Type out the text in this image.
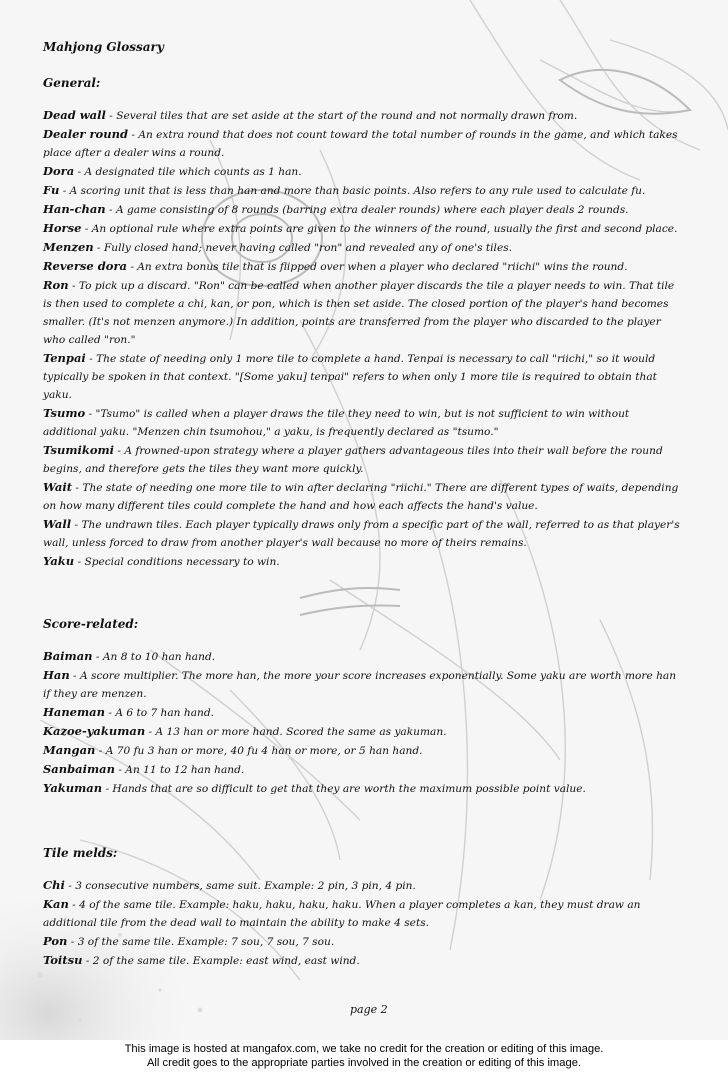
Mahjong Glossary
General:

Dead wall - Several tiles that are set aside at the start of the round and not normally drawn from.

Dealer round - An extra round that does not count toward the total number of rounds in the game, and which takes place after a dealer wins a round.

Dora - A designated tile which counts as 1 han.

Fu - A scoring unit that is less than han and more than basic points. Also refers to any rule used to calculate fu.

Han-chan - A game consisting of 8 rounds (barring extra dealer rounds) where each player deals 2 rounds.

Horse - An optional rule where extra points are given to the winners of the round, usually the first and second place.

Menzen - Fully closed hand; never having called "ron" and revealed any of one's tiles.

Reverse dora - An extra bonus tile that is flipped over when a player who declared "riichi" wins the round.

Ron - To pick up a discard. "Ron" can be called when another player discards the tile a player needs to win. That tile is then used to complete a chi, kan, or pon, which is then set aside. The closed portion of the player's hand becomes smaller. (It's not menzen anymore.) In addition, points are transferred from the player who discarded to the player who called "ron."

Tenpai - The state of needing only 1 more tile to complete a hand. Tenpai is necessary to call "riichi," so it would typically be spoken in that context. "[Some yaku] tenpai" refers to when only 1 more tile is required to obtain that yaku.

Tsumo - "Tsumo" is called when a player draws the tile they need to win, but is not sufficient to win without additional yaku. "Menzen chin tsumohou," a yaku, is frequently declared as "tsumo."

Tsumikomi - A frowned-upon strategy where a player gathers advantageous tiles into their wall before the round begins, and therefore gets the tiles they want more quickly.

Wait - The state of needing one more tile to win after declaring "riichi." There are different types of waits, depending on how many different tiles could complete the hand and how each affects the hand's value.

Wall - The undrawn tiles. Each player typically draws only from a specific part of the wall, referred to as that player's wall, unless forced to draw from another player's wall because no more of theirs remains.

Yaku - Special conditions necessary to win.

Score-related:

Baiman - An 8 to 10 han hand.

Han - A score multiplier. The more han, the more your score increases exponentially. Some yaku are worth more han if they are menzen.

Haneman - A 6 to 7 han hand.

Kazoe-yakuman - A 13 han or more hand. Scored the same as yakuman.

Mangan - A 70 fu 3 han or more, 40 fu 4 han or more, or 5 han hand.

Sanbaiman - An 11 to 12 han hand.

Yakuman - Hands that are so difficult to get that they are worth the maximum possible point value.

Tile melds:

Chi - 3 consecutive numbers, same suit. Example: 2 pin, 3 pin, 4 pin.

Kan - 4 of the same tile. Example: haku, haku, haku, haku. When a player completes a kan, they must draw an additional tile from the dead wall to maintain the ability to make 4 sets.

Pon - 3 of the same tile. Example: 7 sou, 7 sou, 7 sou.

Toitsu - 2 of the same tile. Example: east wind, east wind.

page 2
This image is hosted at mangafox.com, we take no credit for the creation or editing of this image.
All credit goes to the appropriate parties involved in the creation or editing of this image.
